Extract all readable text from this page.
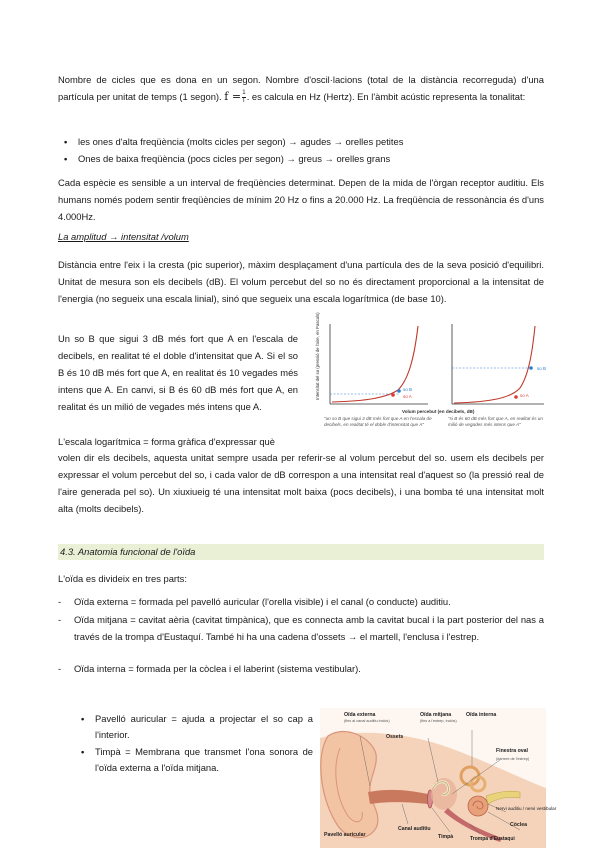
Nombre de cicles que es dona en un segon. Nombre d'oscil·lacions (total de la distància recorreguda) d'una partícula per unitat de temps (1 segon). $f = \frac{1}{T}$ . es calcula en Hz (Hertz). En l'àmbit acústic representa la tonalitat:

• les ones d'alta freqüència (molts cicles per segon) → agudes → orelles petites
• Ones de baixa freqüència (pocs cicles per segon) → greus → orelles grans

Cada espècie es sensible a un interval de freqüències determinat. Depen de la mida de l'òrgan receptor auditiu. Els humans només podem sentir freqüències de mínim 20 Hz o fins a 20.000 Hz. La freqüència de ressonància és d'uns 4.000Hz.

La amplitud → intensitat /volum

Distància entre l'eix i la cresta (pic superior), màxim desplaçament d'una partícula des de la seva posició d'equilibri. Unitat de mesura son els decibels (dB). El volum percebut del so no és directament proporcional a la intensitat de l'energia (no segueix una escala linial), sinó que segueix una escala logarítmica (de base 10).

Un so B que sigui 3 dB més fort que A en l'escala de decibels, en realitat té el doble d'intensitat que A. Si el so B és 10 dB més fort que A, en realitat és 10 vegades més intens que A. En canvi, si B és 60 dB més fort que A, en realitat és un milió de vegades més intens que A.

L'escala logarítmica = forma gràfica d'expressar què

volen dir els decibels, aquesta unitat sempre usada per referir-se al volum percebut del so. usem els decibels per expressar el volum percebut del so, i cada valor de dB correspon a una intensitat real d'aquest so (la pressió real de l'aire generada pel so). Un xiuxiueig té una intensitat molt baixa (pocs decibels), i una bomba té una intensitat molt alta (molts decibels).

so B
so A
Intensitat del so (pressió de l'aire, en Pascals)	so B
so A
Volum percebut (en decibels, dB)
"un so B que sigui 3 dB més fort que A en l'escala de decibels, en realitat té el doble d'intensitat que A"
"si B és 60 dB més fort que A, en realitat és un milió de vegades més intens que A"
4.3. Anatomia funcional de l'oïda

L'oïda es divideix en tres parts:

- Oïda externa = formada pel pavelló auricular (l'orella visible) i el canal (o conducte) auditiu.
- Oïda mitjana = cavitat aèria (cavitat timpànica), que es connecta amb la cavitat bucal i la part posterior del nas a través de la trompa d'Eustaquí. També hi ha una cadena d'ossets → el martell, l'enclusa i l'estrep.
- Oïda interna = formada per la còclea i el laberint (sistema vestibular).
• Pavelló auricular = ajuda a projectar el so cap a l'interior.
• Timpà = Membrana que transmet l'ona sonora de l'oïda externa a l'oïda mitjana.
Oïda externa
(fins al canal auditiu inclòs)
Oïda mitjana
(fins a l'estrep, inclòs)
Oïda interna
Ossets
Finestra oval
(darrere de l'estrep)
Nervi auditiu / nervi vestibular
Còclea
Pavelló auricular
Canal auditiu
Timpà	Trompa d'Eustaqui
